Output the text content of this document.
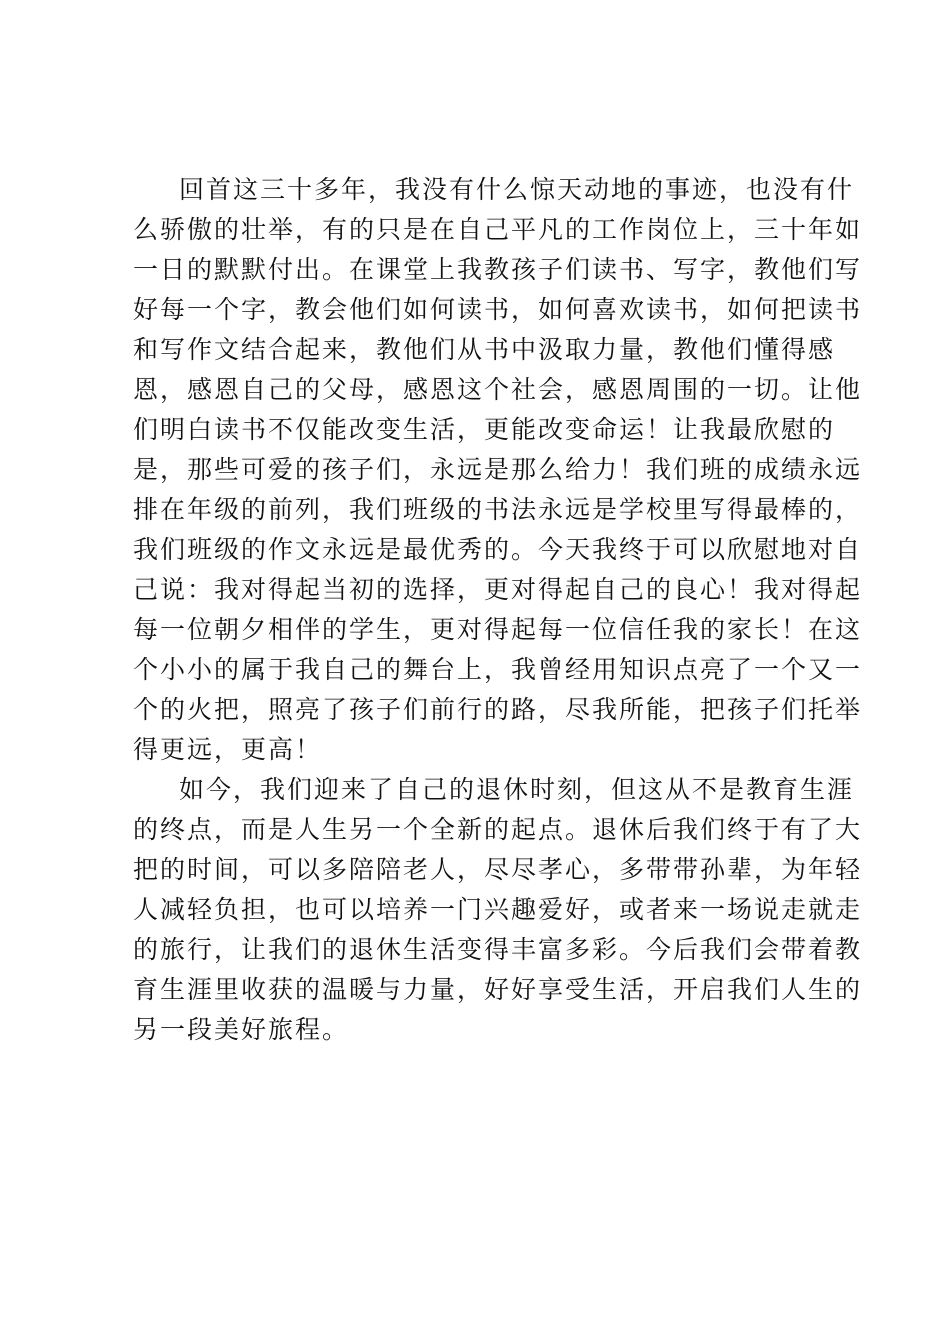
回首这三十多年，我没有什么惊天动地的事迹，也没有什

么骄傲的壮举，有的只是在自己平凡的工作岗位上，三十年如

一日的默默付出。在课堂上我教孩子们读书、写字，教他们写

好每一个字，教会他们如何读书，如何喜欢读书，如何把读书

和写作文结合起来，教他们从书中汲取力量，教他们懂得感

恩，感恩自己的父母，感恩这个社会，感恩周围的一切。让他

们明白读书不仅能改变生活，更能改变命运！让我最欣慰的

是，那些可爱的孩子们，永远是那么给力！我们班的成绩永远

排在年级的前列，我们班级的书法永远是学校里写得最棒的，

我们班级的作文永远是最优秀的。今天我终于可以欣慰地对自

己说：我对得起当初的选择，更对得起自己的良心！我对得起

每一位朝夕相伴的学生，更对得起每一位信任我的家长！在这

个小小的属于我自己的舞台上，我曾经用知识点亮了一个又一

个的火把，照亮了孩子们前行的路，尽我所能，把孩子们托举

得更远，更高！

如今，我们迎来了自己的退休时刻，但这从不是教育生涯

的终点，而是人生另一个全新的起点。退休后我们终于有了大

把的时间，可以多陪陪老人，尽尽孝心，多带带孙辈，为年轻

人减轻负担，也可以培养一门兴趣爱好，或者来一场说走就走

的旅行，让我们的退休生活变得丰富多彩。今后我们会带着教

育生涯里收获的温暖与力量，好好享受生活，开启我们人生的

另一段美好旅程。
